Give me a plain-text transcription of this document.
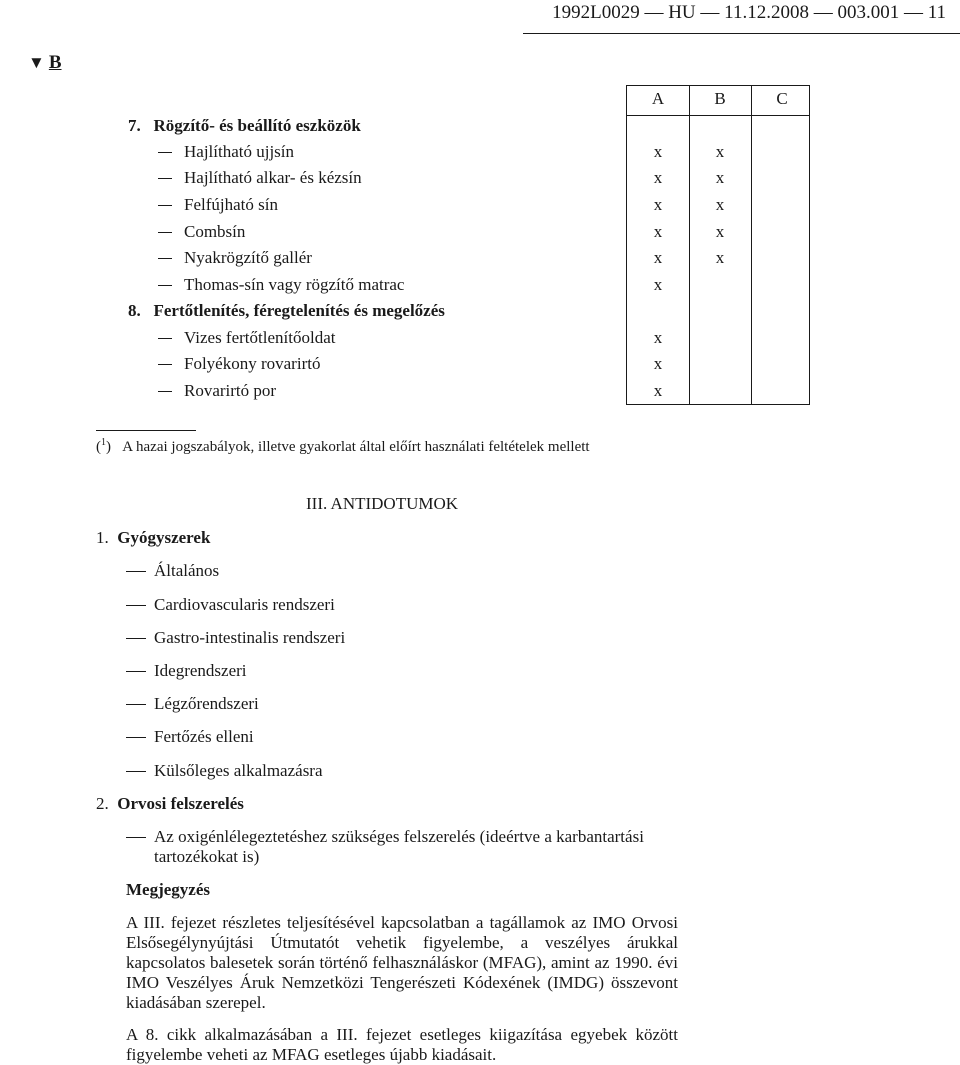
1992L0029 — HU — 11.12.2008 — 003.001 — 11
▼ B
A	B	C
7. Rögzítő- és beállító eszközök
Hajlítható ujjsín	x	x
Hajlítható alkar- és kézsín	x	x
Felfújható sín	x	x
Combsín	x	x
Nyakrögzítő gallér	x	x
Thomas-sín vagy rögzítő matrac	x
8. Fertőtlenítés, féregtelenítés és megelőzés
Vizes fertőtlenítőoldat	x
Folyékony rovarirtó	x
Rovarirtó por	x
($^1$)   A hazai jogszabályok, illetve gyakorlat által előírt használati feltételek mellett
III. ANTIDOTUMOK
1. Gyógyszerek
Általános
Cardiovascularis rendszeri
Gastro-intestinalis rendszeri
Idegrendszeri
Légzőrendszeri
Fertőzés elleni
Külsőleges alkalmazásra
2. Orvosi felszerelés
Az oxigénlélegeztetéshez szükséges felszerelés (ideértve a karbantartási tartozékokat is)
Megjegyzés
A III. fejezet részletes teljesítésével kapcsolatban a tagállamok az IMO Orvosi Elsősegélynyújtási Útmutatót vehetik figyelembe, a veszélyes árukkal kapcsolatos balesetek során történő felhasználáskor (MFAG), amint az 1990. évi IMO Veszélyes Áruk Nemzetközi Tengerészeti Kódexének (IMDG) összevont kiadásában szerepel.
A 8. cikk alkalmazásában a III. fejezet esetleges kiigazítása egyebek között figyelembe veheti az MFAG esetleges újabb kiadásait.
